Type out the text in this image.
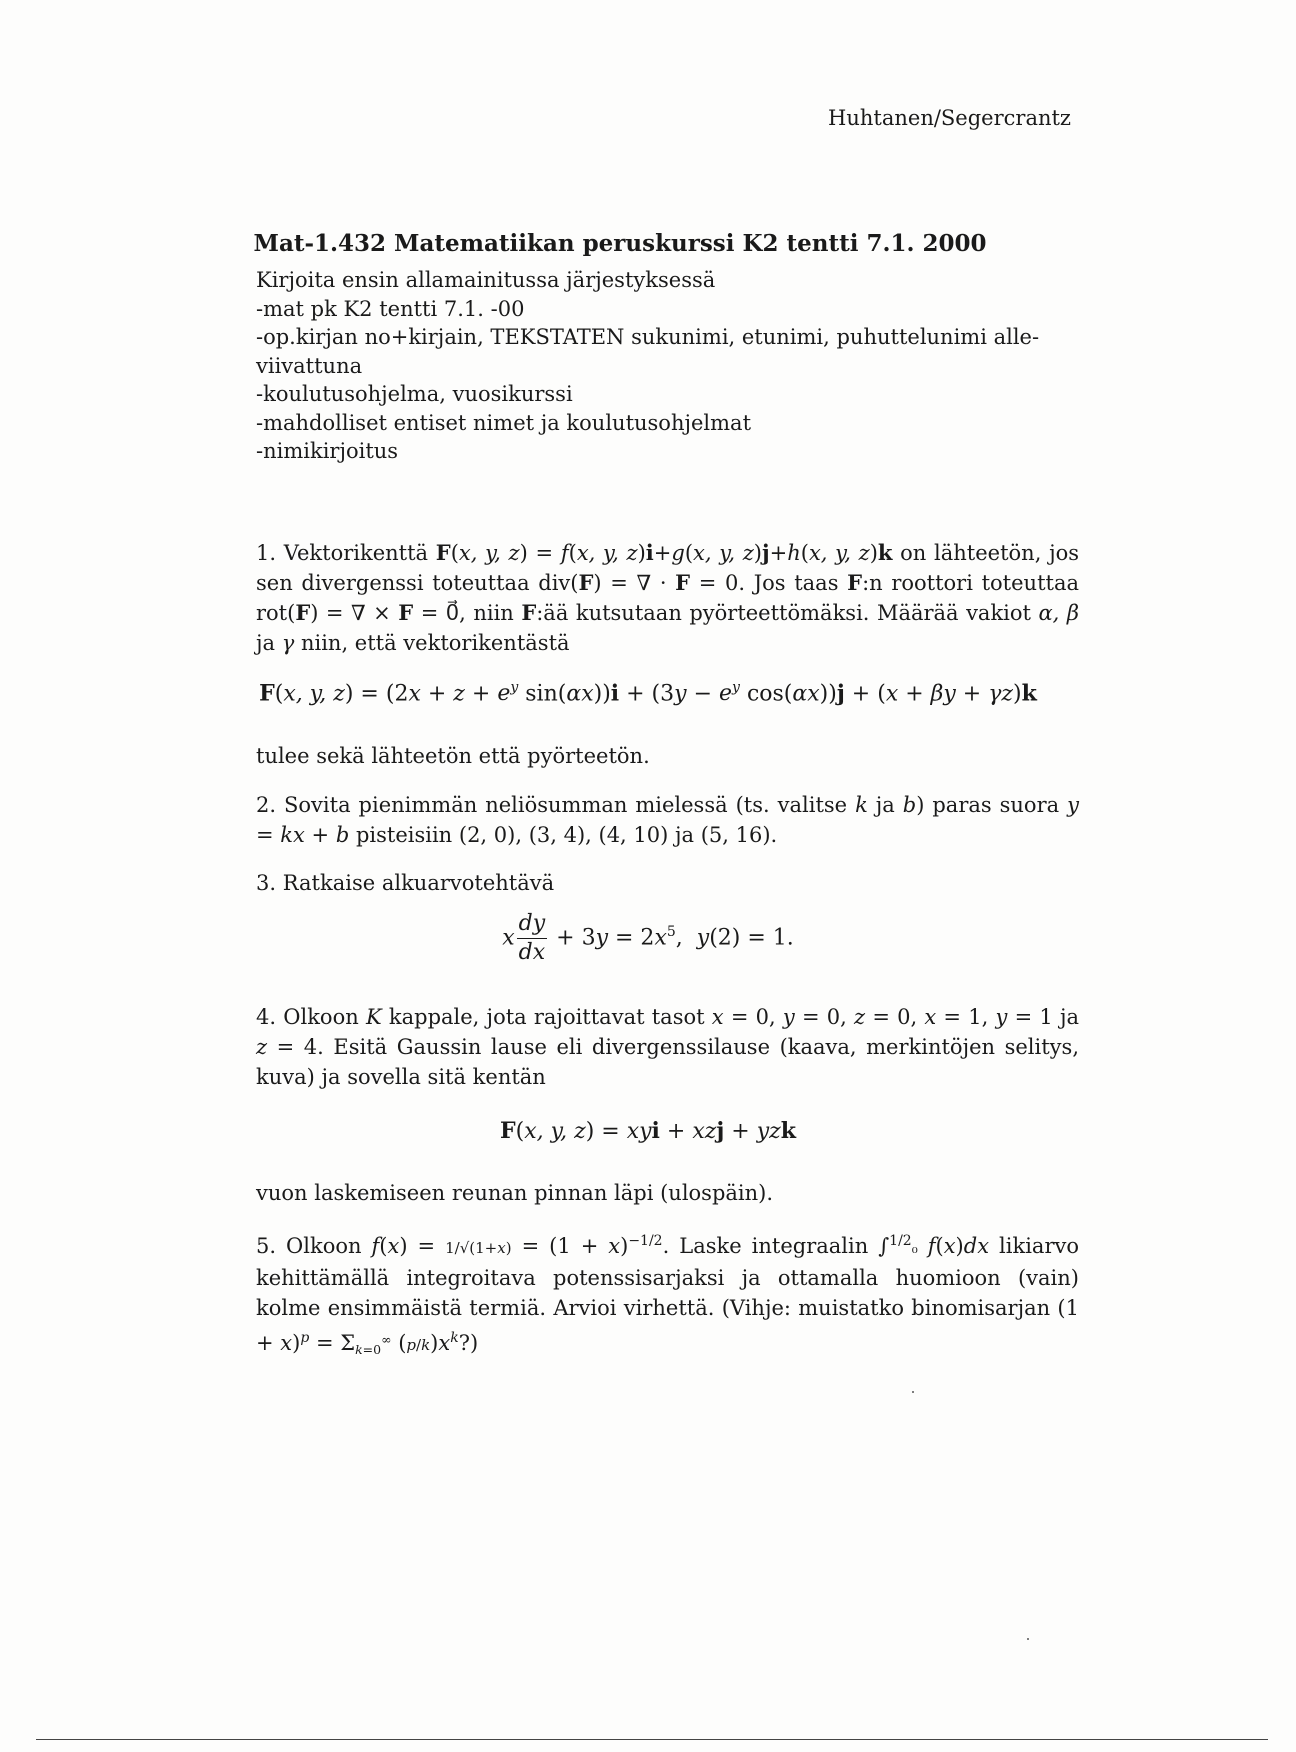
Huhtanen/Segercrantz
Mat-1.432 Matematiikan peruskurssi K2 tentti 7.1. 2000
Kirjoita ensin allamainitussa järjestyksessä
-mat pk K2 tentti 7.1. -00
-op.kirjan no+kirjain, TEKSTATEN sukunimi, etunimi, puhuttelunimi alle-
viivattuna
-koulutusohjelma, vuosikurssi
-mahdolliset entiset nimet ja koulutusohjelmat
-nimikirjoitus
1. Vektorikenttä F(x, y, z) = f(x, y, z)i+g(x, y, z)j+h(x, y, z)k on lähteetön, jos sen divergenssi toteuttaa div(F) = ∇ · F = 0. Jos taas F:n roottori toteuttaa rot(F) = ∇ × F = 0⃗, niin F:ää kutsutaan pyörteettömäksi. Määrää vakiot α, β ja γ niin, että vektorikentästä
F(x, y, $z) = (2x + z + e^y$ $\sin(\alpha x))i + (3y - e^y$ cos(αx))j + (x + βy + γz)k
tulee sekä lähteetön että pyörteetön.
2. Sovita pienimmän neliösumman mielessä (ts. valitse k ja b) paras suora y = kx + b pisteisiin (2, 0), (3, 4), (4, 10) ja (5, 16).
3. Ratkaise alkuarvotehtävä
x $\frac{dy}{dx} + 3y = 2x^5$,  y(2) = 1.
4. Olkoon K kappale, jota rajoittavat tasot x = 0, y = 0, z = 0, x = 1, y = 1 ja z = 4. Esitä Gaussin lause eli divergenssilause (kaava, merkintöjen selitys, kuva) ja sovella sitä kentän
F(x, y, z) = xyi + xzj + yzk
vuon laskemiseen reunan pinnan läpi (ulospäin).
5. Olkoon $f(x) = 1/√(1+x) = (1 + x)^{-1/2}$. Laske integraalin ∫$^{1/2}$₀ f(x)dx likiarvo kehittämällä integroitava potenssisarjaksi ja ottamalla huomioon (vain) kolme ensimmäistä termiä. Arvioi virhettä. (Vihje: muistatko binomisarjan $(1 + x)^p = \Sigma_{k=0}^\infty$ $(p/k)x^k$?)
